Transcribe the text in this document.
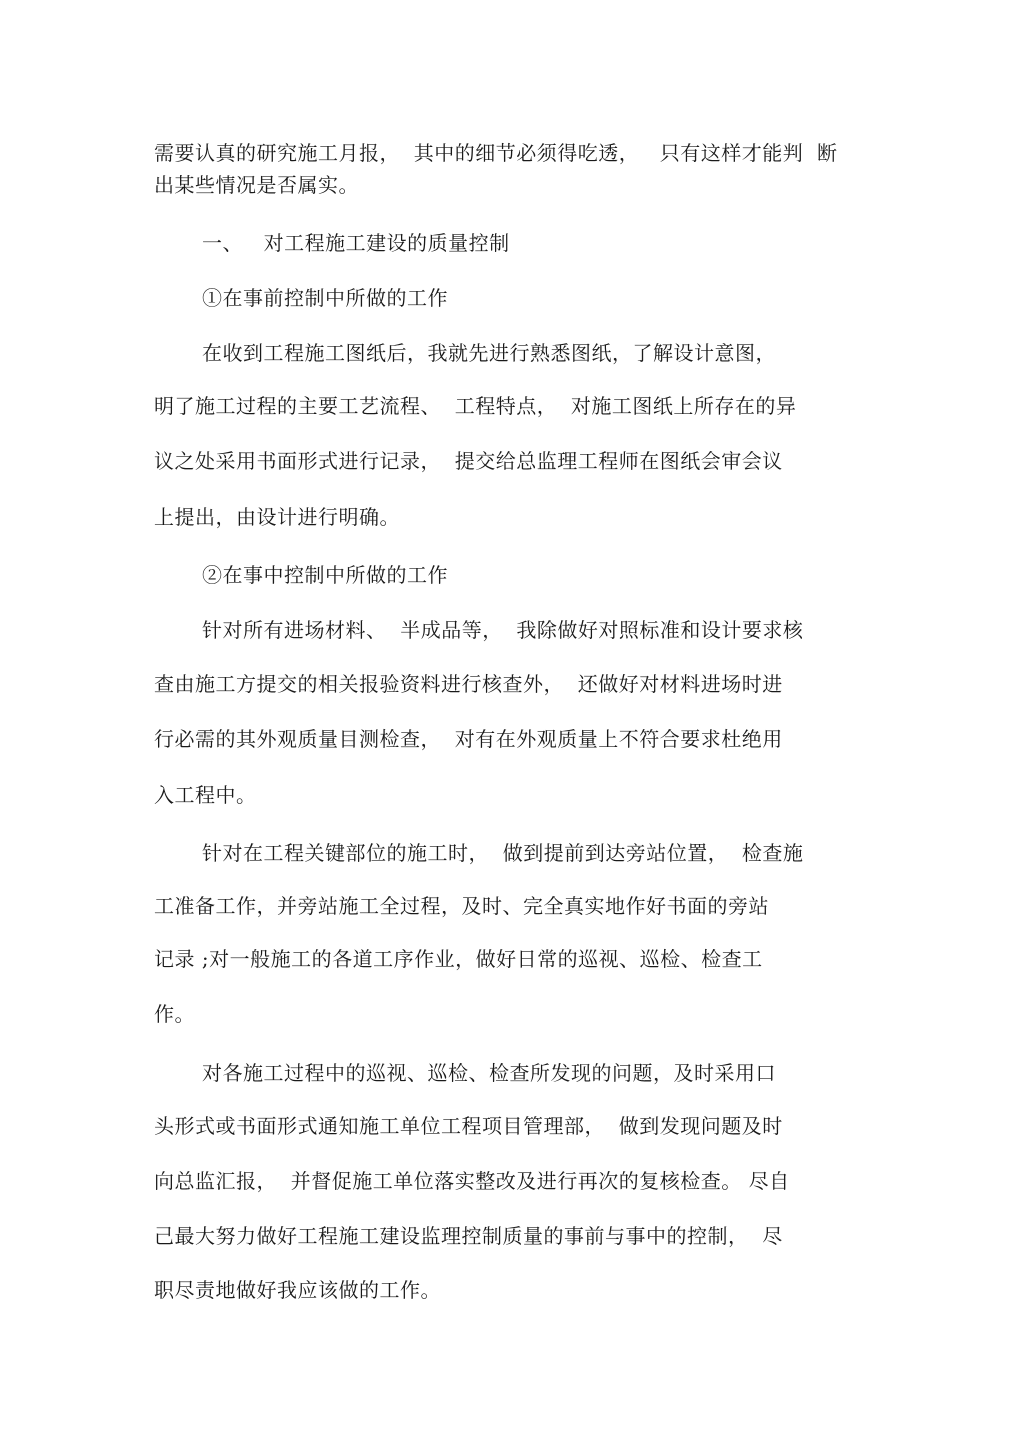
需要认真的研究施工月报，  其中的细节必须得吃透，   只有这样才能判  断
出某些情况是否属实。
一、   对工程施工建设的质量控制
①在事前控制中所做的工作
在收到工程施工图纸后，我就先进行熟悉图纸，了解设计意图，
明了施工过程的主要工艺流程、  工程特点，  对施工图纸上所存在的异
议之处采用书面形式进行记录，  提交给总监理工程师在图纸会审会议
上提出，由设计进行明确。
②在事中控制中所做的工作
针对所有进场材料、  半成品等，  我除做好对照标准和设计要求核
查由施工方提交的相关报验资料进行核查外，  还做好对材料进场时进
行必需的其外观质量目测检查，  对有在外观质量上不符合要求杜绝用
入工程中。
针对在工程关键部位的施工时，  做到提前到达旁站位置，  检查施
工准备工作，并旁站施工全过程，及时、完全真实地作好书面的旁站
记录 ;对一般施工的各道工序作业，做好日常的巡视、巡检、检查工
作。
对各施工过程中的巡视、巡检、检查所发现的问题，及时采用口
头形式或书面形式通知施工单位工程项目管理部，  做到发现问题及时
向总监汇报，  并督促施工单位落实整改及进行再次的复核检查。 尽自
己最大努力做好工程施工建设监理控制质量的事前与事中的控制，  尽
职尽责地做好我应该做的工作。
